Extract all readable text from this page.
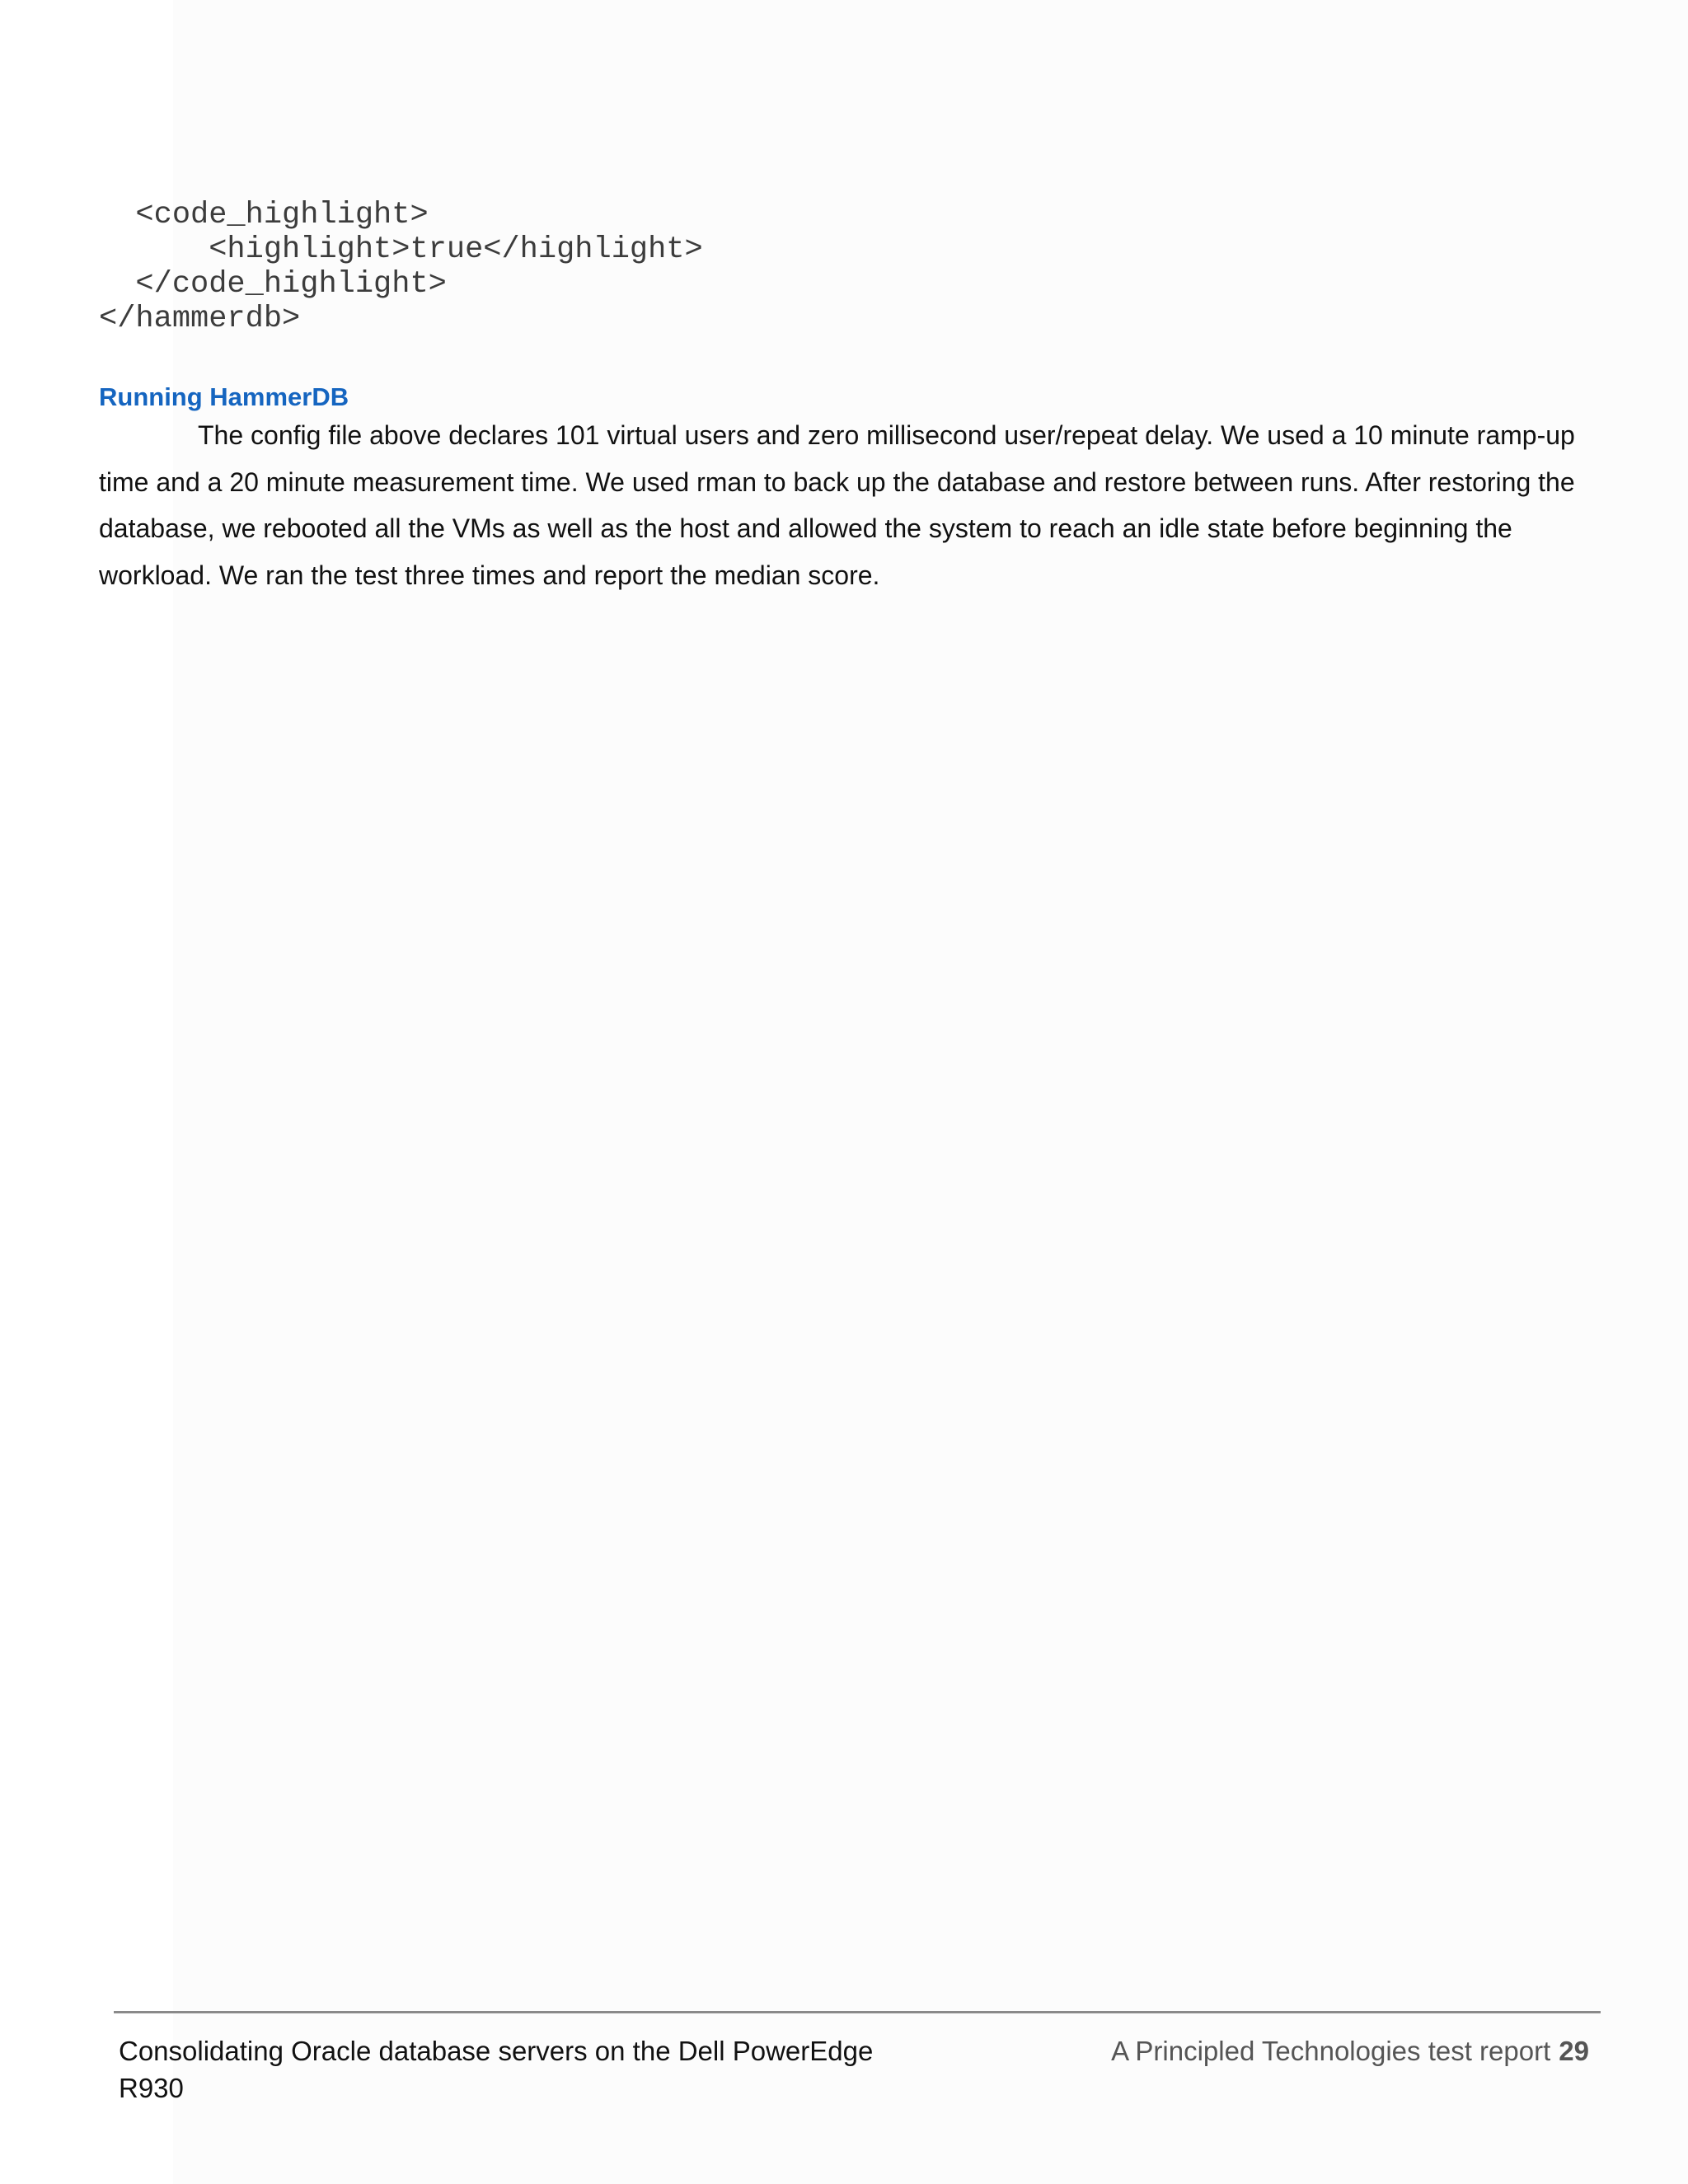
<code_highlight>
<highlight>true</highlight>
</code_highlight>
</hammerdb>
Running HammerDB

The config file above declares 101 virtual users and zero millisecond user/repeat delay. We used a 10 minute ramp-up time and a 20 minute measurement time. We used rman to back up the database and restore between runs. After restoring the database, we rebooted all the VMs as well as the host and allowed the system to reach an idle state before beginning the workload. We ran the test three times and report the median score.

Consolidating Oracle database servers on the Dell PowerEdge R930

A Principled Technologies test report 29
